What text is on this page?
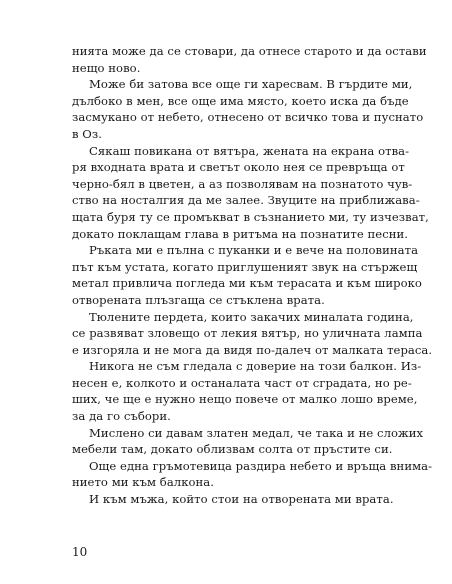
нията може да се стовари, да отнесе старото и да остави
нещо ново.
Може би затова все още ги харесвам. В гърдите ми,
дълбоко в мен, все още има място, което иска да бъде
засмукано от небето, отнесено от всичко това и пуснато
в Оз.
Сякаш повикана от вятъра, жената на екрана отва-
ря входната врата и светът около нея се превръща от
черно-бял в цветен, а аз позволявам на познатото чув-
ство на носталгия да ме залее. Звуците на приближава-
щата буря ту се промъкват в съзнанието ми, ту изчезват,
докато поклащам глава в ритъма на познатите песни.
Ръката ми е пълна с пуканки и е вече на половината
път към устата, когато приглушеният звук на стържещ
метал привлича погледа ми към терасата и към широко
отворената плъзгаща се стъклена врата.
Тюлените пердета, които закачих миналата година,
се развяват зловещо от лекия вятър, но уличната лампа
е изгоряла и не мога да видя по-далеч от малката тераса.
Никога не съм гледала с доверие на този балкон. Из-
несен е, колкото и останалата част от сградата, но ре-
ших, че ще е нужно нещо повече от малко лошо време,
за да го събори.
Мислено си давам златен медал, че така и не сложих
мебели там, докато облизвам солта от пръстите си.
Още една гръмотевица раздира небето и връща внима-
нието ми към балкона.
И към мъжа, който стои на отворената ми врата.
10
